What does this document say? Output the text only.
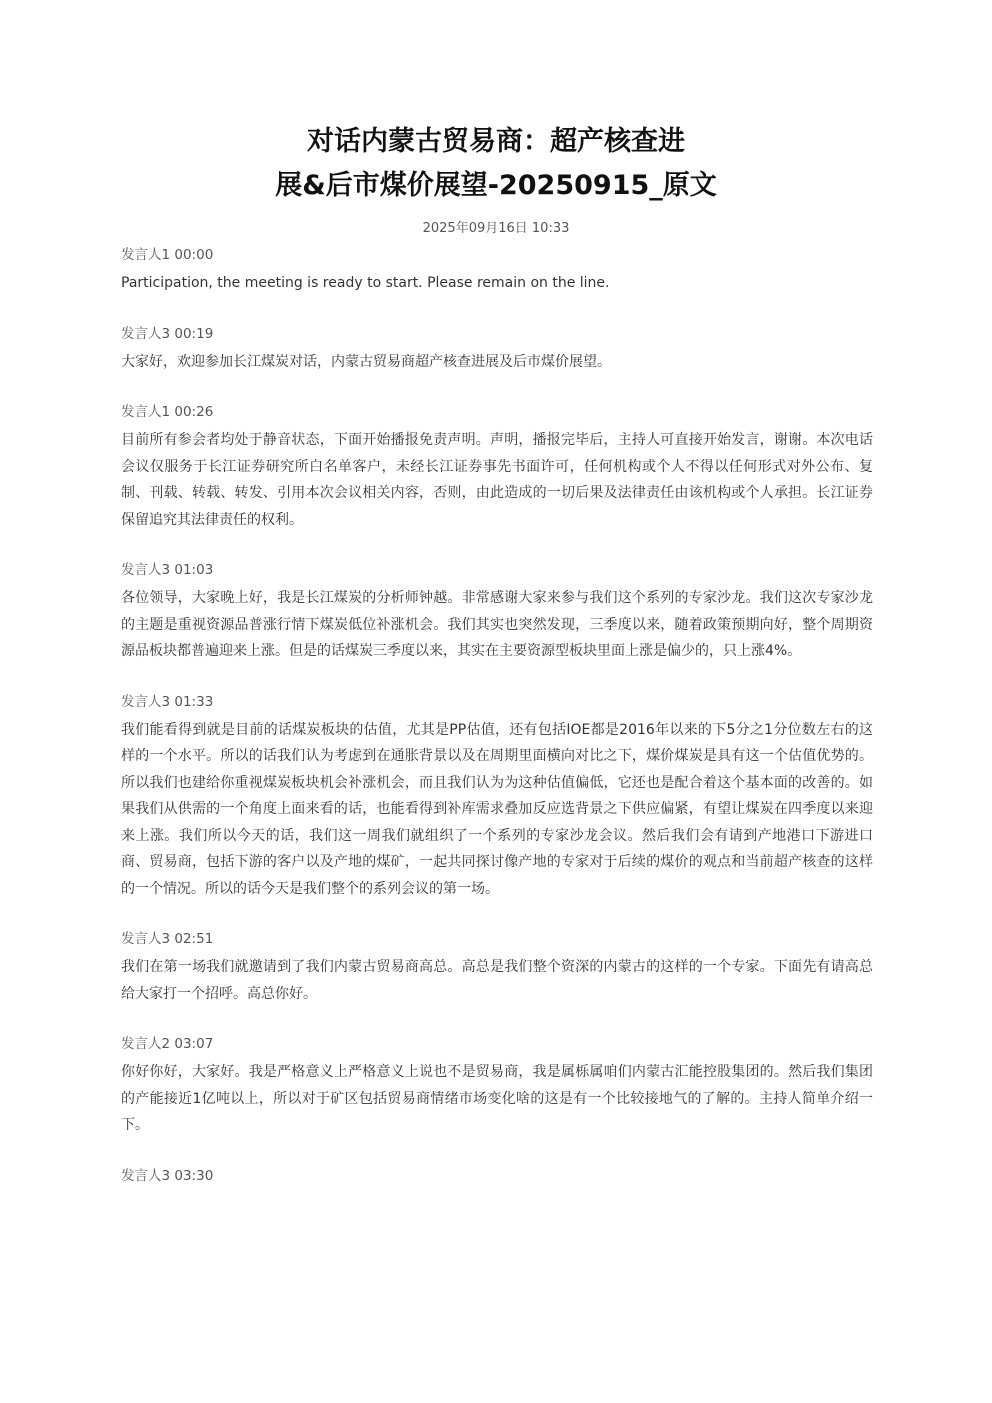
对话内蒙古贸易商：超产核查进
展&后市煤价展望-20250915_原文
2025年09月16日 10:33
发言人1 00:00

Participation, the meeting is ready to start. Please remain on the line.

发言人3 00:19

大家好，欢迎参加长江煤炭对话，内蒙古贸易商超产核查进展及后市煤价展望。

发言人1 00:26

目前所有参会者均处于静音状态，下面开始播报免责声明。声明，播报完毕后，主持人可直接开始发言，谢谢。本次电话会议仅服务于长江证券研究所白名单客户，未经长江证券事先书面许可，任何机构或个人不得以任何形式对外公布、复制、刊载、转载、转发、引用本次会议相关内容，否则，由此造成的一切后果及法律责任由该机构或个人承担。长江证券保留追究其法律责任的权利。

发言人3 01:03

各位领导，大家晚上好，我是长江煤炭的分析师钟越。非常感谢大家来参与我们这个系列的专家沙龙。我们这次专家沙龙的主题是重视资源品普涨行情下煤炭低位补涨机会。我们其实也突然发现，三季度以来，随着政策预期向好，整个周期资源品板块都普遍迎来上涨。但是的话煤炭三季度以来，其实在主要资源型板块里面上涨是偏少的，只上涨4%。

发言人3 01:33

我们能看得到就是目前的话煤炭板块的估值，尤其是PP估值，还有包括IOE都是2016年以来的下5分之1分位数左右的这样的一个水平。所以的话我们认为考虑到在通胀背景以及在周期里面横向对比之下，煤价煤炭是具有这一个估值优势的。所以我们也建给你重视煤炭板块机会补涨机会，而且我们认为为这种估值偏低，它还也是配合着这个基本面的改善的。如果我们从供需的一个角度上面来看的话，也能看得到补库需求叠加反应选背景之下供应偏紧，有望让煤炭在四季度以来迎来上涨。我们所以今天的话，我们这一周我们就组织了一个系列的专家沙龙会议。然后我们会有请到产地港口下游进口商、贸易商，包括下游的客户以及产地的煤矿，一起共同探讨像产地的专家对于后续的煤价的观点和当前超产核查的这样的一个情况。所以的话今天是我们整个的系列会议的第一场。

发言人3 02:51

我们在第一场我们就邀请到了我们内蒙古贸易商高总。高总是我们整个资深的内蒙古的这样的一个专家。下面先有请高总给大家打一个招呼。高总你好。

发言人2 03:07

你好你好，大家好。我是严格意义上严格意义上说也不是贸易商，我是属栎属咱们内蒙古汇能控股集团的。然后我们集团的产能接近1亿吨以上，所以对于矿区包括贸易商情绪市场变化啥的这是有一个比较接地气的了解的。主持人简单介绍一下。

发言人3 03:30
